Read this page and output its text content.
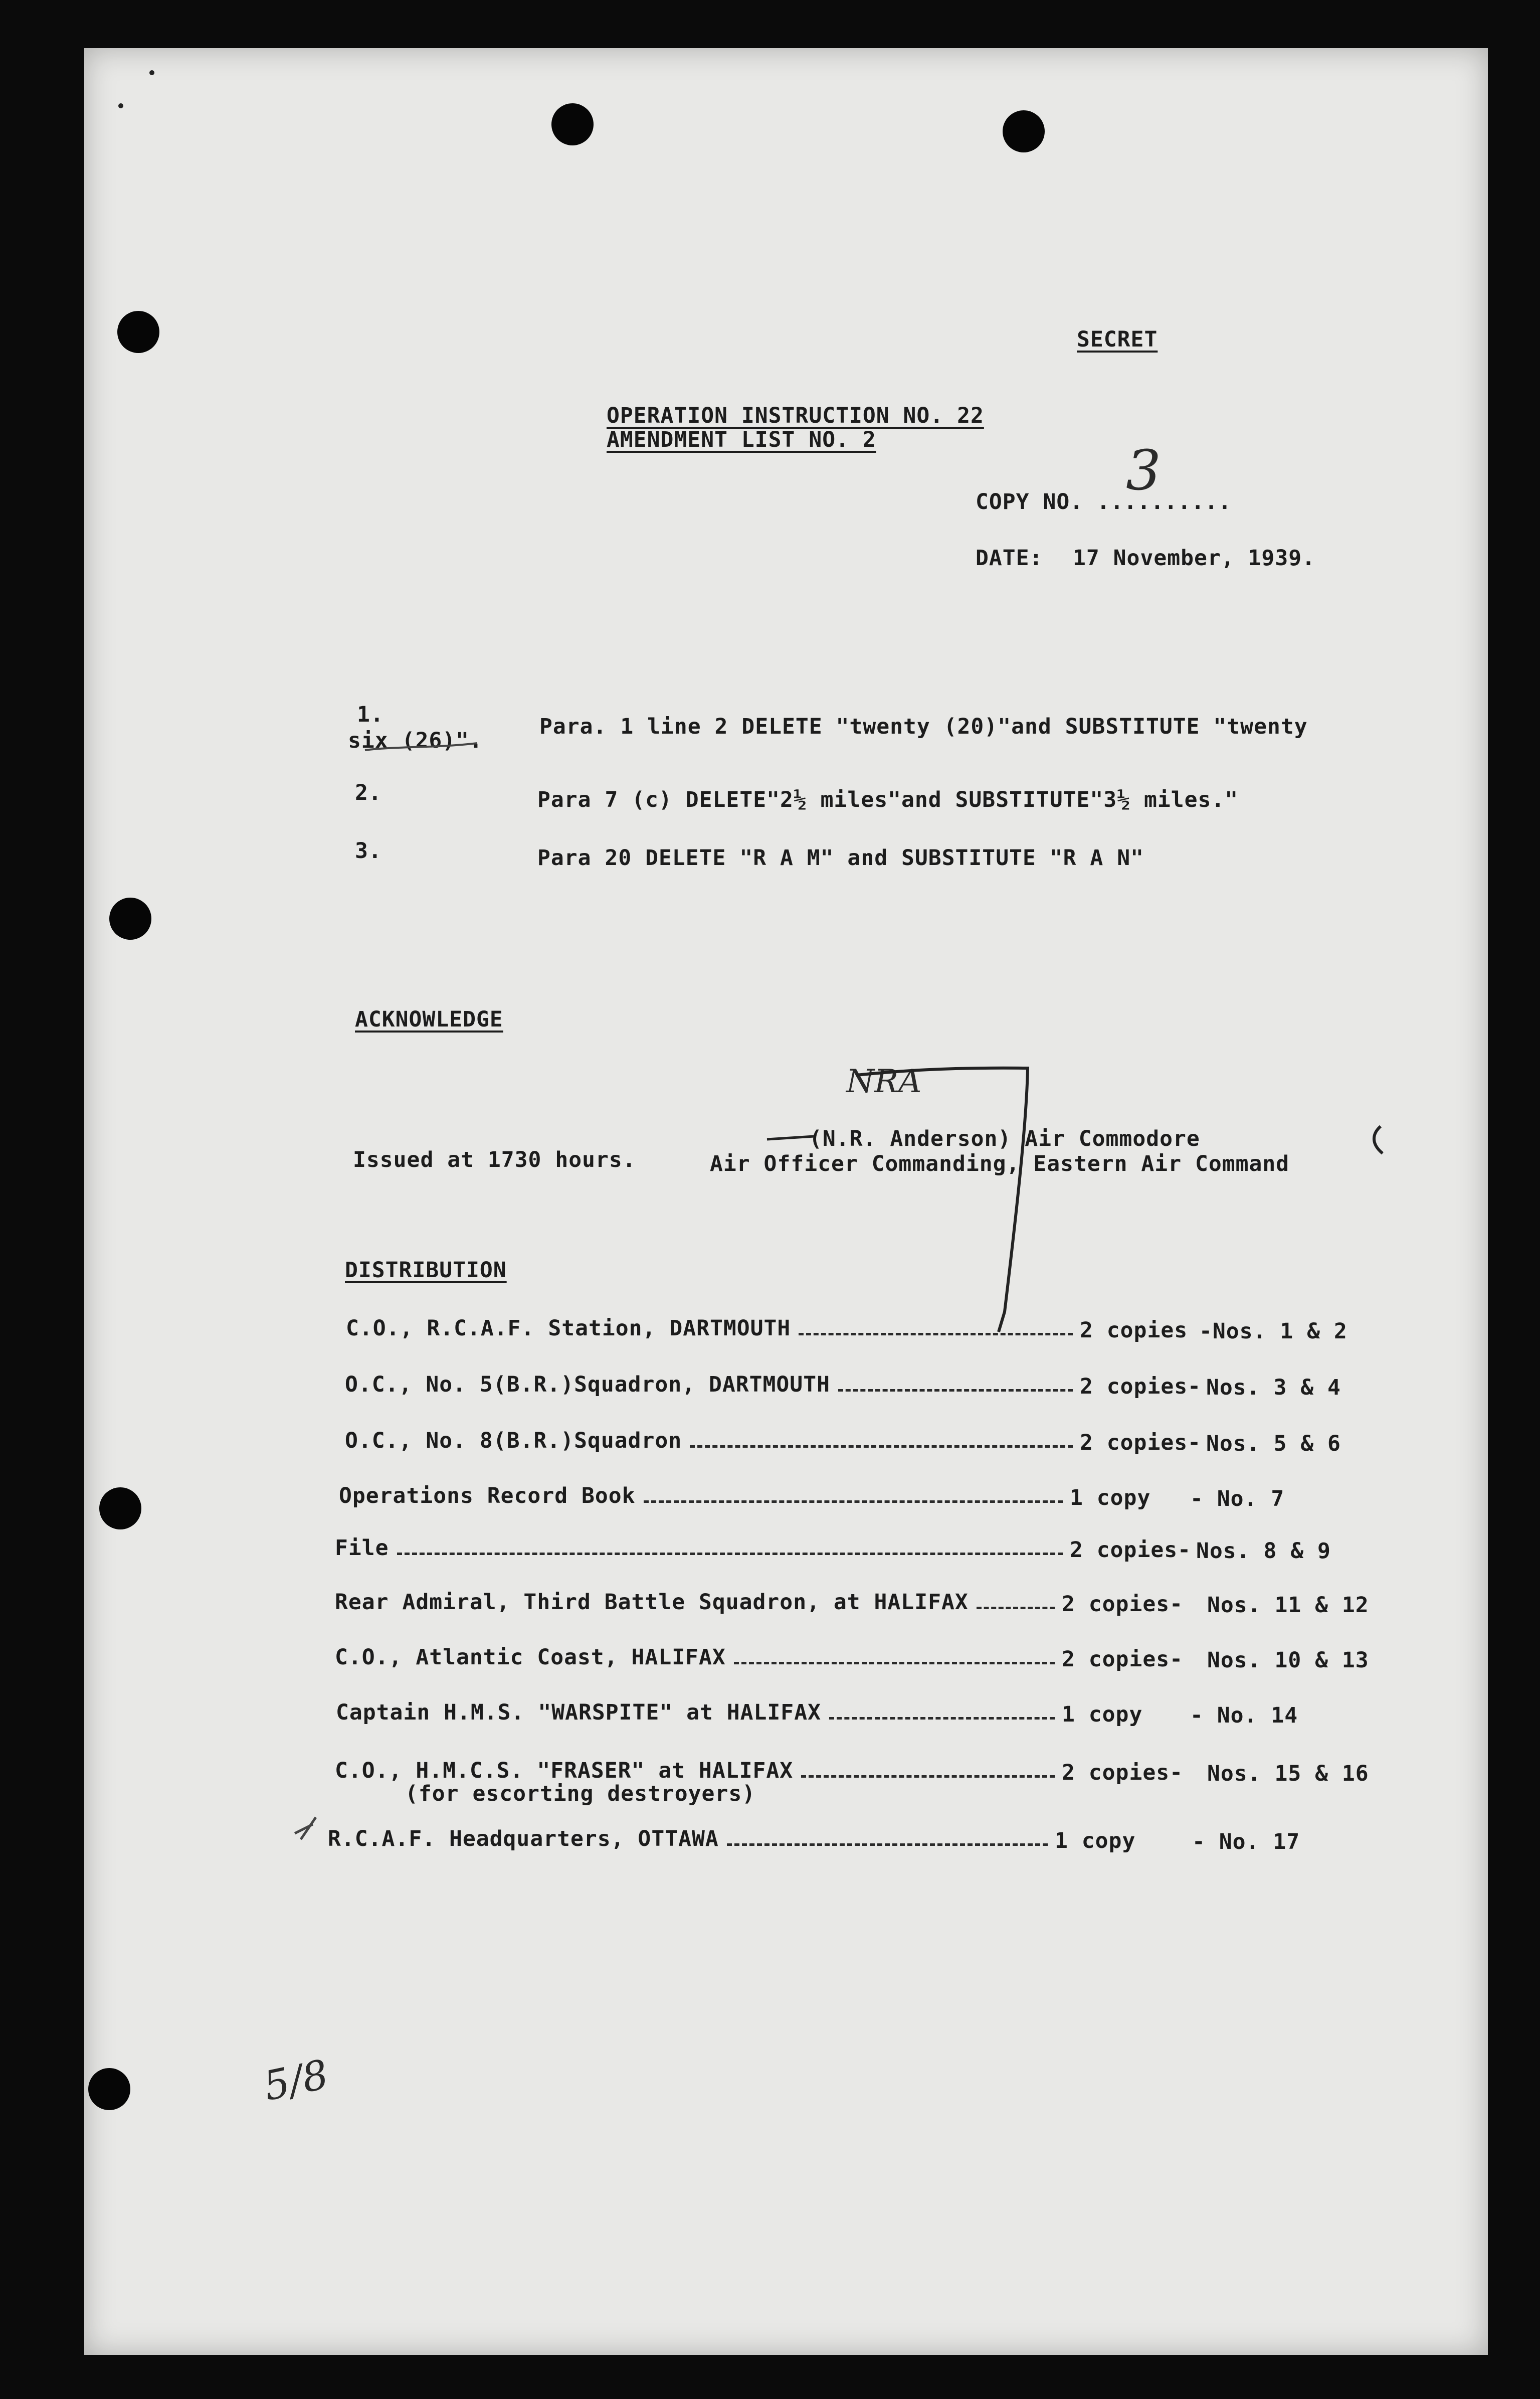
SECRET
OPERATION INSTRUCTION NO. 22
AMENDMENT LIST NO. 2
COPY NO. ..........
3
DATE: 17 November, 1939.
1.	Para. 1 line 2 DELETE "twenty (20)"and SUBSTITUTE "twenty
six (26)".
2.	Para 7 (c) DELETE"2½ miles"and SUBSTITUTE"3½ miles."
3.	Para 20 DELETE "R A M" and SUBSTITUTE "R A N"
ACKNOWLEDGE
Issued at 1730 hours.
NRA
(N.R. Anderson) Air Commodore
Air Officer Commanding, Eastern Air Command
DISTRIBUTION
C.O., R.C.A.F. Station, DARTMOUTH	2 copies -Nos. 1 & 2
O.C., No. 5(B.R.)Squadron, DARTMOUTH	2 copies- Nos. 3 & 4
O.C., No. 8(B.R.)Squadron	2 copies- Nos. 5 & 6
Operations Record Book	1 copy - No. 7
File	2 copies- Nos. 8 & 9
Rear Admiral, Third Battle Squadron, at HALIFAX	2 copies- Nos. 11 & 12
C.O., Atlantic Coast, HALIFAX	2 copies- Nos. 10 & 13
Captain H.M.S. "WARSPITE" at HALIFAX	1 copy - No. 14
C.O., H.M.C.S. "FRASER" at HALIFAX	2 copies- Nos. 15 & 16
(for escorting destroyers)
R.C.A.F. Headquarters, OTTAWA	1 copy	- No. 17
5/8
